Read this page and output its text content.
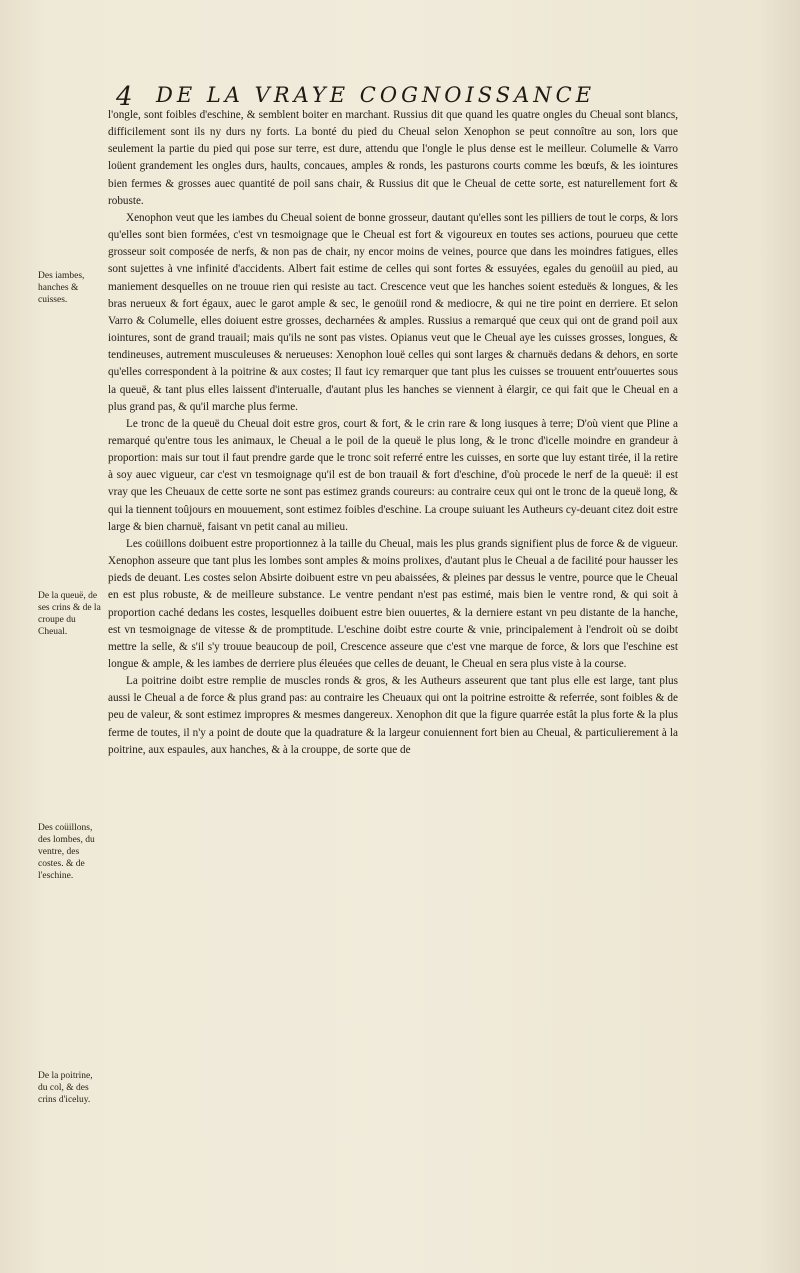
4 DE LA VRAYE COGNOISSANCE
Des iambes, hanches & cuisses.
De la queuë, de ses crins & de la croupe du Cheual.
Des coüillons, des lombes, du ventre, des costes. & de l'eschine.
De la poitrine, du col, & des crins d'iceluy.

l'ongle, sont foibles d'eschine, & semblent boiter en marchant. Russius dit que quand les quatre ongles du Cheual sont blancs, difficilement sont ils ny durs ny forts. La bonté du pied du Cheual selon Xenophon se peut connoître au son, lors que seulement la partie du pied qui pose sur terre, est dure, attendu que l'ongle le plus dense est le meilleur. Columelle & Varro loüent grandement les ongles durs, haults, concaues, amples & ronds, les pasturons courts comme les bœufs, & les iointures bien fermes & grosses auec quantité de poil sans chair, & Russius dit que le Cheual de cette sorte, est naturellement fort & robuste.

Xenophon veut que les iambes du Cheual soient de bonne grosseur, dautant qu'elles sont les pilliers de tout le corps, & lors qu'elles sont bien formées, c'est vn tesmoignage que le Cheual est fort & vigoureux en toutes ses actions, pourueu que cette grosseur soit composée de nerfs, & non pas de chair, ny encor moins de veines, pource que dans les moindres fatigues, elles sont sujettes à vne infinité d'accidents. Albert fait estime de celles qui sont fortes & essuyées, egales du genoüil au pied, au maniement desquelles on ne trouue rien qui resiste au tact. Crescence veut que les hanches soient esteduës & longues, & les bras nerueux & fort égaux, auec le garot ample & sec, le genoüil rond & mediocre, & qui ne tire point en derriere. Et selon Varro & Columelle, elles doiuent estre grosses, decharnées & amples. Russius a remarqué que ceux qui ont de grand poil aux iointures, sont de grand trauail; mais qu'ils ne sont pas vistes. Opianus veut que le Cheual aye les cuisses grosses, longues, & tendineuses, autrement musculeuses & nerueuses: Xenophon louë celles qui sont larges & charnuës dedans & dehors, en sorte qu'elles correspondent à la poitrine & aux costes; Il faut icy remarquer que tant plus les cuisses se trouuent entr'ouuertes sous la queuë, & tant plus elles laissent d'interualle, d'autant plus les hanches se viennent à élargir, ce qui fait que le Cheual en a plus grand pas, & qu'il marche plus ferme.

Le tronc de la queuë du Cheual doit estre gros, court & fort, & le crin rare & long iusques à terre; D'où vient que Pline a remarqué qu'entre tous les animaux, le Cheual a le poil de la queuë le plus long, & le tronc d'icelle moindre en grandeur à proportion: mais sur tout il faut prendre garde que le tronc soit referré entre les cuisses, en sorte que luy estant tirée, il la retire à soy auec vigueur, car c'est vn tesmoignage qu'il est de bon trauail & fort d'eschine, d'où procede le nerf de la queuë: il est vray que les Cheuaux de cette sorte ne sont pas estimez grands coureurs: au contraire ceux qui ont le tronc de la queuë long, & qui la tiennent toûjours en mouuement, sont estimez foibles d'eschine. La croupe suiuant les Autheurs cy-deuant citez doit estre large & bien charnuë, faisant vn petit canal au milieu.

Les coüillons doibuent estre proportionnez à la taille du Cheual, mais les plus grands signifient plus de force & de vigueur. Xenophon asseure que tant plus les lombes sont amples & moins prolixes, d'autant plus le Cheual a de facilité pour hausser les pieds de deuant. Les costes selon Absirte doibuent estre vn peu abaissées, & pleines par dessus le ventre, pource que le Cheual en est plus robuste, & de meilleure substance. Le ventre pendant n'est pas estimé, mais bien le ventre rond, & qui soit à proportion caché dedans les costes, lesquelles doibuent estre bien ouuertes, & la derniere estant vn peu distante de la hanche, est vn tesmoignage de vitesse & de promptitude. L'eschine doibt estre courte & vnie, principalement à l'endroit où se doibt mettre la selle, & s'il s'y trouue beaucoup de poil, Crescence asseure que c'est vne marque de force, & lors que l'eschine est longue & ample, & les iambes de derriere plus éleuées que celles de deuant, le Cheual en sera plus viste à la course.

La poitrine doibt estre remplie de muscles ronds & gros, & les Autheurs asseurent que tant plus elle est large, tant plus aussi le Cheual a de force & plus grand pas: au contraire les Cheuaux qui ont la poitrine estroitte & referrée, sont foibles & de peu de valeur, & sont estimez impropres & mesmes dangereux. Xenophon dit que la figure quarrée estât la plus forte & la plus ferme de toutes, il n'y a point de doute que la quadrature & la largeur conuiennent fort bien au Cheual, & particulierement à la poitrine, aux espaules, aux hanches, & à la crouppe, de sorte que de
